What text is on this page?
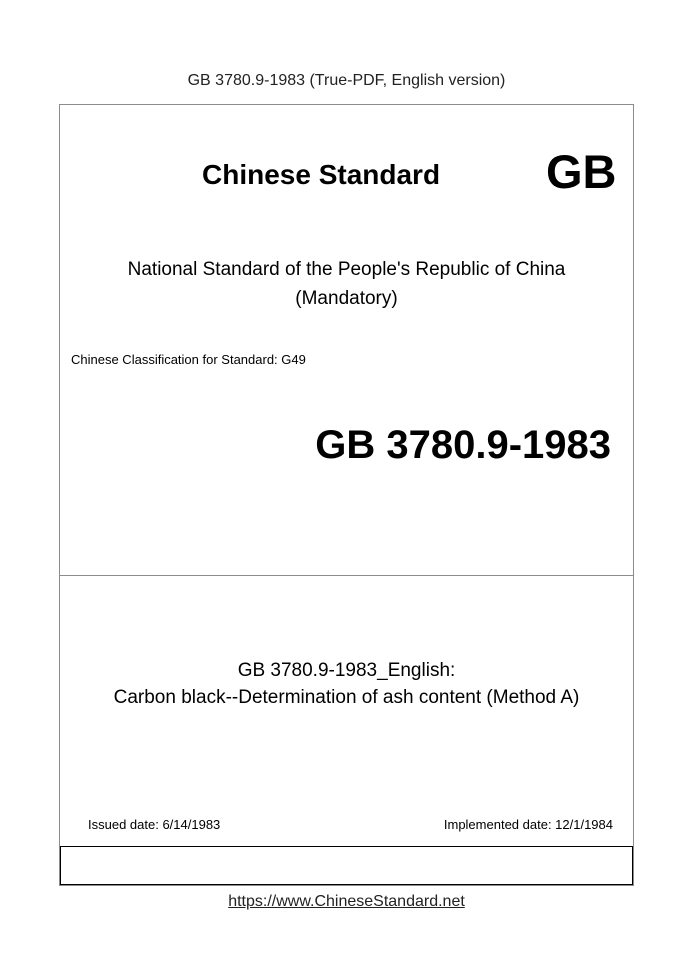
GB 3780.9-1983 (True-PDF, English version)
Chinese Standard GB
National Standard of the People's Republic of China
(Mandatory)
Chinese Classification for Standard: G49
GB 3780.9-1983
GB 3780.9-1983_English:
Carbon black--Determination of ash content (Method A)
Issued date: 6/14/1983	Implemented date: 12/1/1984
https://www.ChineseStandard.net
